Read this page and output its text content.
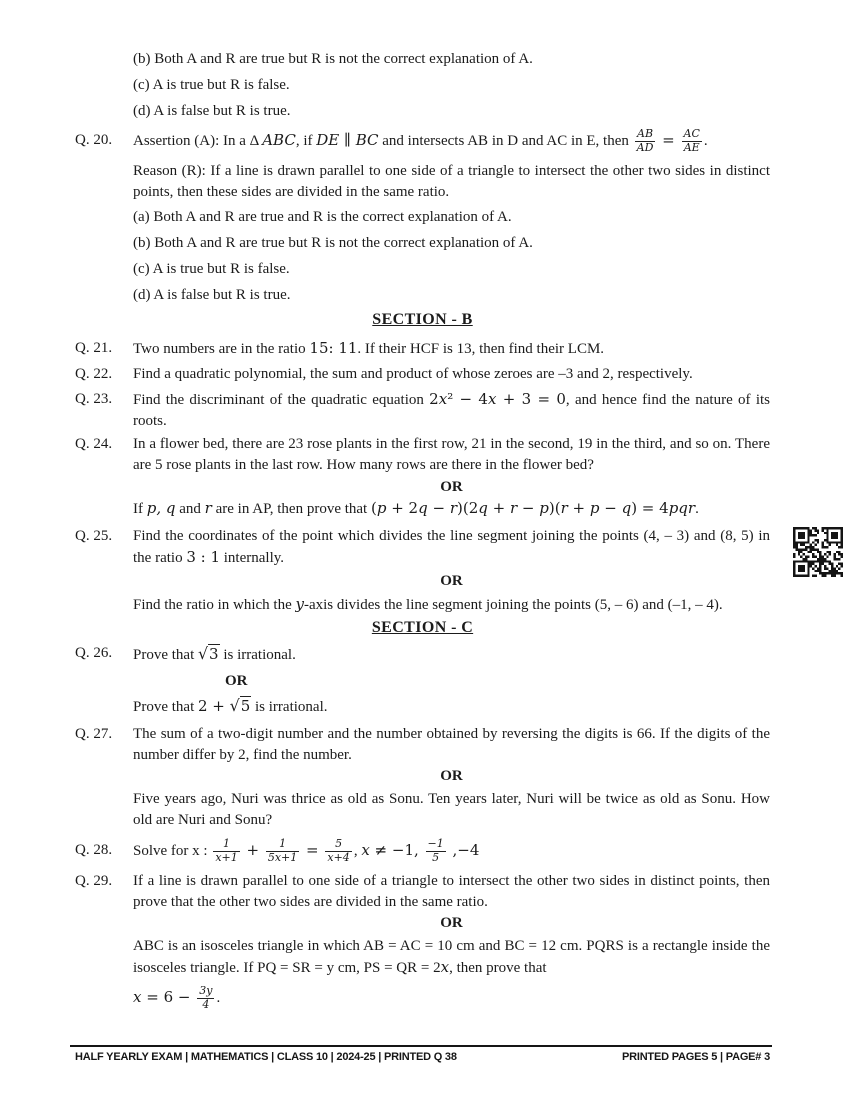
(b) Both A and R are true but R is not the correct explanation of A.
(c) A is true but R is false.
(d) A is false but R is true.
Q. 20.	Assertion (A): In a Δ ABC, if DE ∥ BC and intersects AB in D and AC in E, then $\frac{AB}{AD} = \frac{AC}{AE}$ .
Reason (R): If a line is drawn parallel to one side of a triangle to intersect the other two sides in distinct points, then these sides are divided in the same ratio.
(a) Both A and R are true and R is the correct explanation of A.
(b) Both A and R are true but R is not the correct explanation of A.
(c) A is true but R is false.
(d) A is false but R is true.
SECTION - B
Q. 21.	Two numbers are in the ratio 15: 11. If their HCF is 13, then find their LCM.
Q. 22.	Find a quadratic polynomial, the sum and product of whose zeroes are –3 and 2, respectively.
Q. 23.	Find the discriminant of the quadratic equation 2x² − 4x + 3 = 0, and hence find the nature of its roots.
Q. 24.	In a flower bed, there are 23 rose plants in the first row, 21 in the second, 19 in the third, and so on. There are 5 rose plants in the last row. How many rows are there in the flower bed?
OR
If p, q and r are in AP, then prove that (p + 2q − r)(2q + r − p)(r + p − q) = 4pqr.
Q. 25.	Find the coordinates of the point which divides the line segment joining the points (4, – 3) and (8, 5) in the ratio 3 : 1 internally.
OR
Find the ratio in which the y-axis divides the line segment joining the points (5, – 6) and (–1, – 4).
SECTION - C
Q. 26.	Prove that √3 is irrational.
OR
Prove that 2 + √5 is irrational.
Q. 27.	The sum of a two-digit number and the number obtained by reversing the digits is 66. If the digits of the number differ by 2, find the number.
OR
Five years ago, Nuri was thrice as old as Sonu. Ten years later, Nuri will be twice as old as Sonu. How old are Nuri and Sonu?
Q. 28.	Solve for x : $\frac{1}{x+1} + \frac{1}{5x+1} = \frac{5}{x+4}$ , x ≠ −1, $\frac{-1}{5} ,-4$
Q. 29.	If a line is drawn parallel to one side of a triangle to intersect the other two sides in distinct points, then prove that the other two sides are divided in the same ratio.
OR
ABC is an isosceles triangle in which AB = AC = 10 cm and BC = 12 cm. PQRS is a rectangle inside the isosceles triangle. If PQ = SR = y cm, PS = QR = 2x, then prove that
$x = 6 - \frac{3y}{4}$ .
HALF YEARLY EXAM | MATHEMATICS | CLASS 10 | 2024-25 | PRINTED Q 38	PRINTED PAGES 5 | PAGE# 3
